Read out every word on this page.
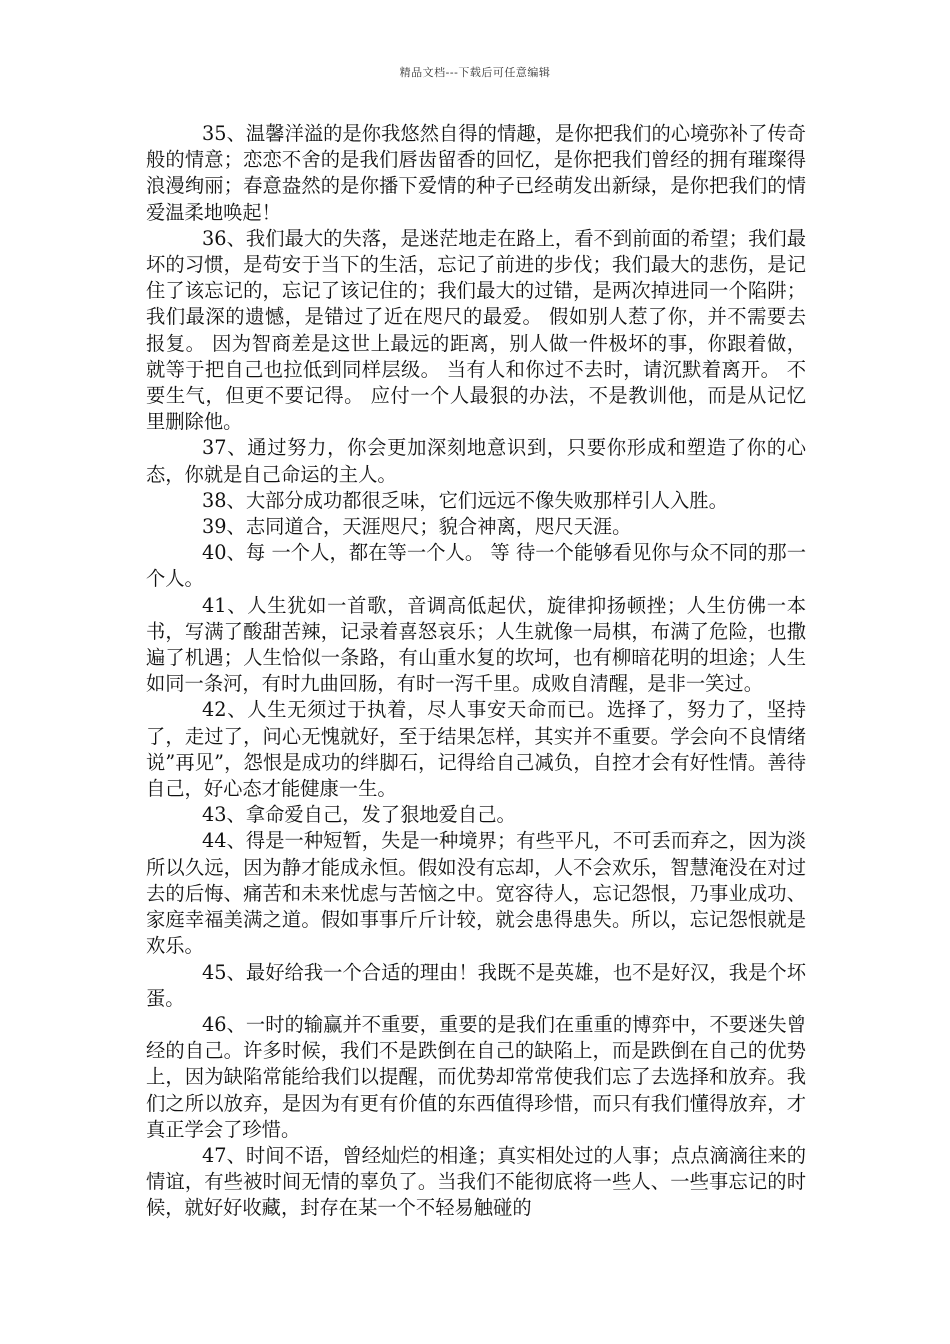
精品文档---下载后可任意编辑

35、温馨洋溢的是你我悠然自得的情趣，是你把我们的心境弥补了传奇般的情意；恋恋不舍的是我们唇齿留香的回忆，是你把我们曾经的拥有璀璨得浪漫绚丽；春意盎然的是你播下爱情的种子已经萌发出新绿，是你把我们的情爱温柔地唤起！

36、我们最大的失落，是迷茫地走在路上，看不到前面的希望；我们最坏的习惯，是苟安于当下的生活，忘记了前进的步伐；我们最大的悲伤，是记住了该忘记的，忘记了该记住的；我们最大的过错，是两次掉进同一个陷阱；我们最深的遗憾，是错过了近在咫尺的最爱。 假如别人惹了你，并不需要去报复。 因为智商差是这世上最远的距离，别人做一件极坏的事，你跟着做，就等于把自己也拉低到同样层级。 当有人和你过不去时，请沉默着离开。 不要生气，但更不要记得。 应付一个人最狠的办法，不是教训他，而是从记忆里删除他。

37、通过努力，你会更加深刻地意识到，只要你形成和塑造了你的心态，你就是自己命运的主人。

38、大部分成功都很乏味，它们远远不像失败那样引人入胜。

39、志同道合，天涯咫尺；貌合神离，咫尺天涯。

40、每 一个人，都在等一个人。 等 待一个能够看见你与众不同的那一个人。

41、人生犹如一首歌，音调高低起伏，旋律抑扬顿挫；人生仿佛一本书，写满了酸甜苦辣，记录着喜怒哀乐；人生就像一局棋，布满了危险，也撒遍了机遇；人生恰似一条路，有山重水复的坎坷，也有柳暗花明的坦途；人生如同一条河，有时九曲回肠，有时一泻千里。成败自清醒，是非一笑过。

42、人生无须过于执着，尽人事安天命而已。选择了，努力了，坚持了，走过了，问心无愧就好，至于结果怎样，其实并不重要。学会向不良情绪说”再见”，怨恨是成功的绊脚石，记得给自己减负，自控才会有好性情。善待自己，好心态才能健康一生。

43、拿命爱自己，发了狠地爱自己。

44、得是一种短暂，失是一种境界；有些平凡，不可丢而弃之，因为淡所以久远，因为静才能成永恒。假如没有忘却，人不会欢乐，智慧淹没在对过去的后悔、痛苦和未来忧虑与苦恼之中。宽容待人，忘记怨恨，乃事业成功、家庭幸福美满之道。假如事事斤斤计较，就会患得患失。所以，忘记怨恨就是欢乐。

45、最好给我一个合适的理由！我既不是英雄，也不是好汉，我是个坏蛋。

46、一时的输赢并不重要，重要的是我们在重重的博弈中，不要迷失曾经的自己。许多时候，我们不是跌倒在自己的缺陷上，而是跌倒在自己的优势上，因为缺陷常能给我们以提醒，而优势却常常使我们忘了去选择和放弃。我们之所以放弃，是因为有更有价值的东西值得珍惜，而只有我们懂得放弃，才真正学会了珍惜。

47、时间不语，曾经灿烂的相逢；真实相处过的人事；点点滴滴往来的情谊，有些被时间无情的辜负了。当我们不能彻底将一些人、一些事忘记的时候，就好好收藏，封存在某一个不轻易触碰的
